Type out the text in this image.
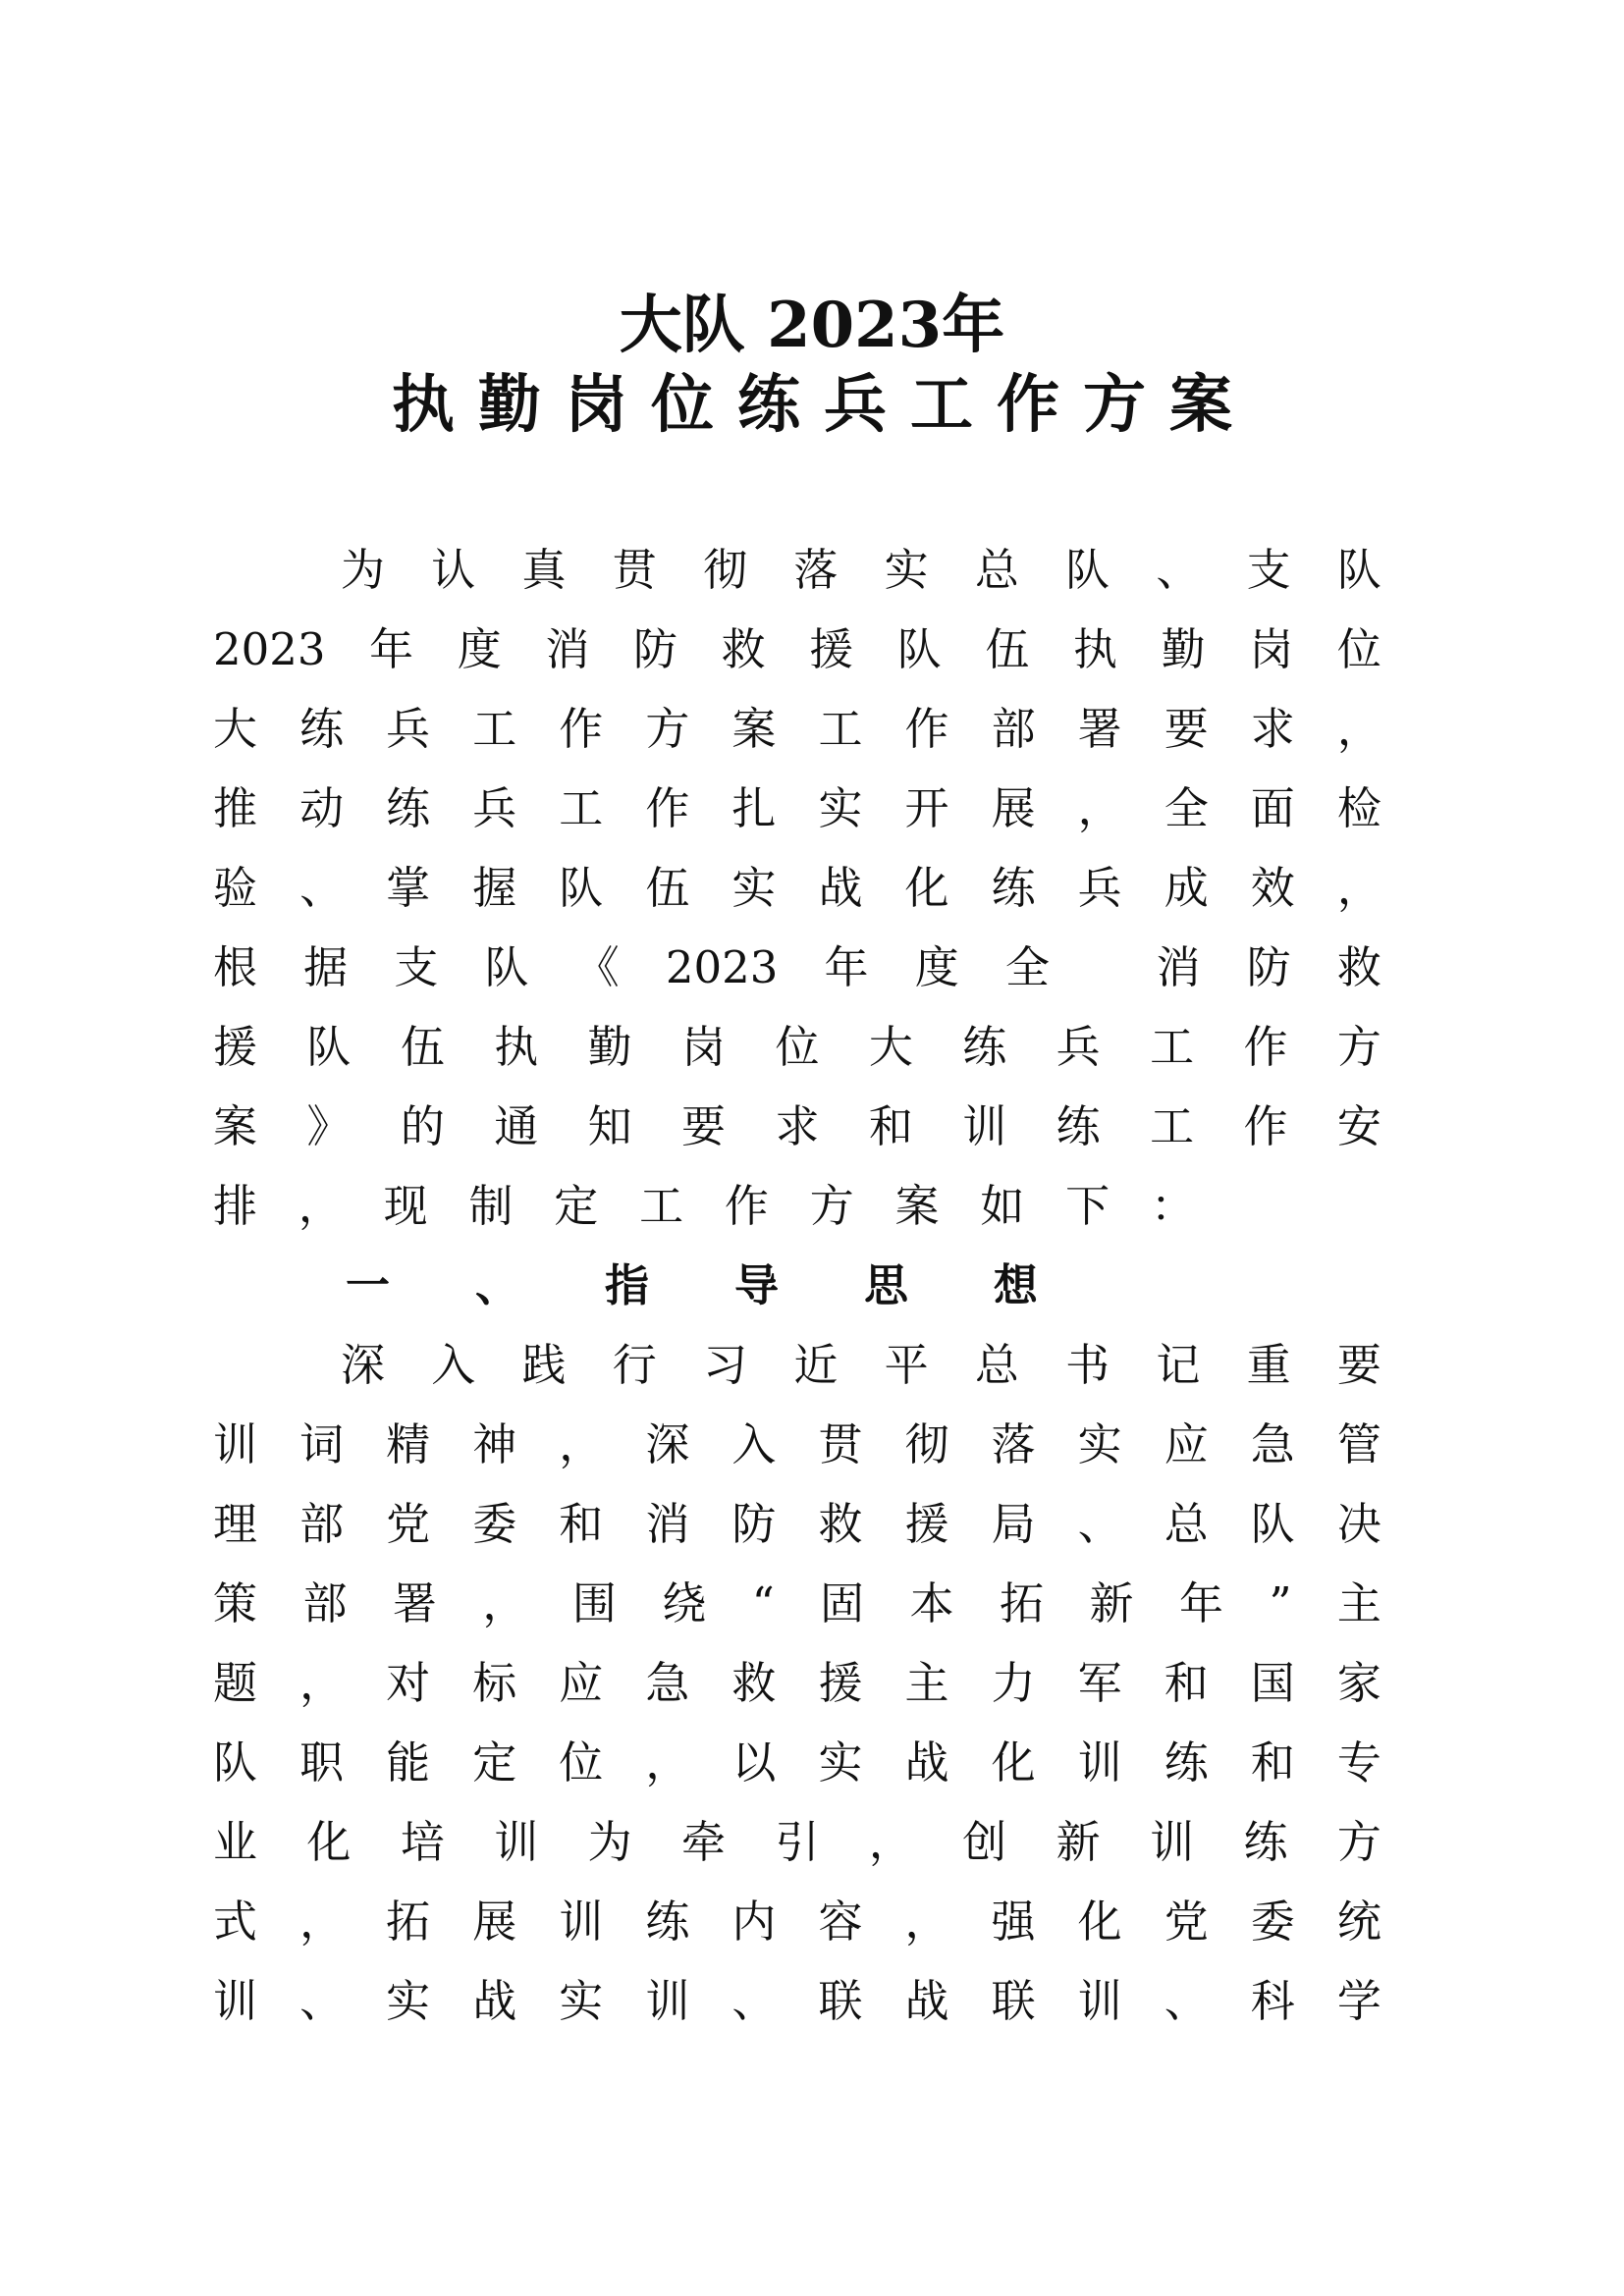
大队 2023年
执勤岗位练兵工作方案
为 认 真 贯 彻 落 实 总 队 、 支 队
2023 年 度 消 防 救 援 队 伍 执 勤 岗 位
大 练 兵 工 作 方 案 工 作 部 署 要 求 ，
推 动 练 兵 工 作 扎 实 开 展 ， 全 面 检
验 、 掌 握 队 伍 实 战 化 练 兵 成 效 ，
根 据 支 队 《 2023 年 度 全
消 防 救
援 队 伍 执 勤 岗 位 大 练 兵 工 作 方
案 》 的 通 知 要 求 和 训 练 工 作 安
排 ， 现 制 定 工 作 方 案 如 下 ：
一 、 指 导 思 想
深 入 践 行 习 近 平 总 书 记 重 要
训 词 精 神 ， 深 入 贯 彻 落 实 应 急 管
理 部 党 委 和 消 防 救 援 局 、 总 队 决
策 部 署 ， 围 绕 “ 固 本 拓 新 年 ” 主
题 ， 对 标 应 急 救 援 主 力 军 和 国 家
队 职 能 定 位 ， 以 实 战 化 训 练 和 专
业 化 培 训 为 牵 引 ， 创 新 训 练 方
式 ， 拓 展 训 练 内 容 ， 强 化 党 委 统
训 、 实 战 实 训 、 联 战 联 训 、 科 学
